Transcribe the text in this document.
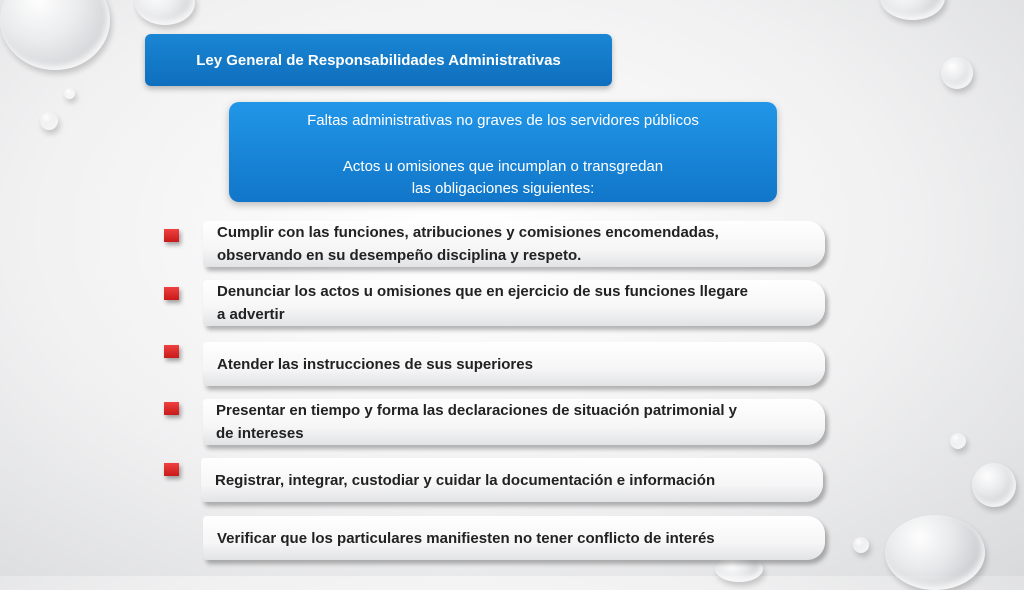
Ley General de Responsabilidades Administrativas
Faltas administrativas no graves de los servidores públicos
Actos u omisiones que incumplan o transgredan
las obligaciones siguientes:
Cumplir con las funciones, atribuciones y comisiones encomendadas,
observando en su desempeño disciplina y respeto.
Denunciar los actos u omisiones que en ejercicio de sus funciones llegare
a advertir
Atender las instrucciones de sus superiores
Presentar en tiempo y forma las declaraciones de situación patrimonial y
de intereses
Registrar, integrar, custodiar y cuidar la documentación e información
Verificar que los particulares manifiesten no tener conflicto de interés
